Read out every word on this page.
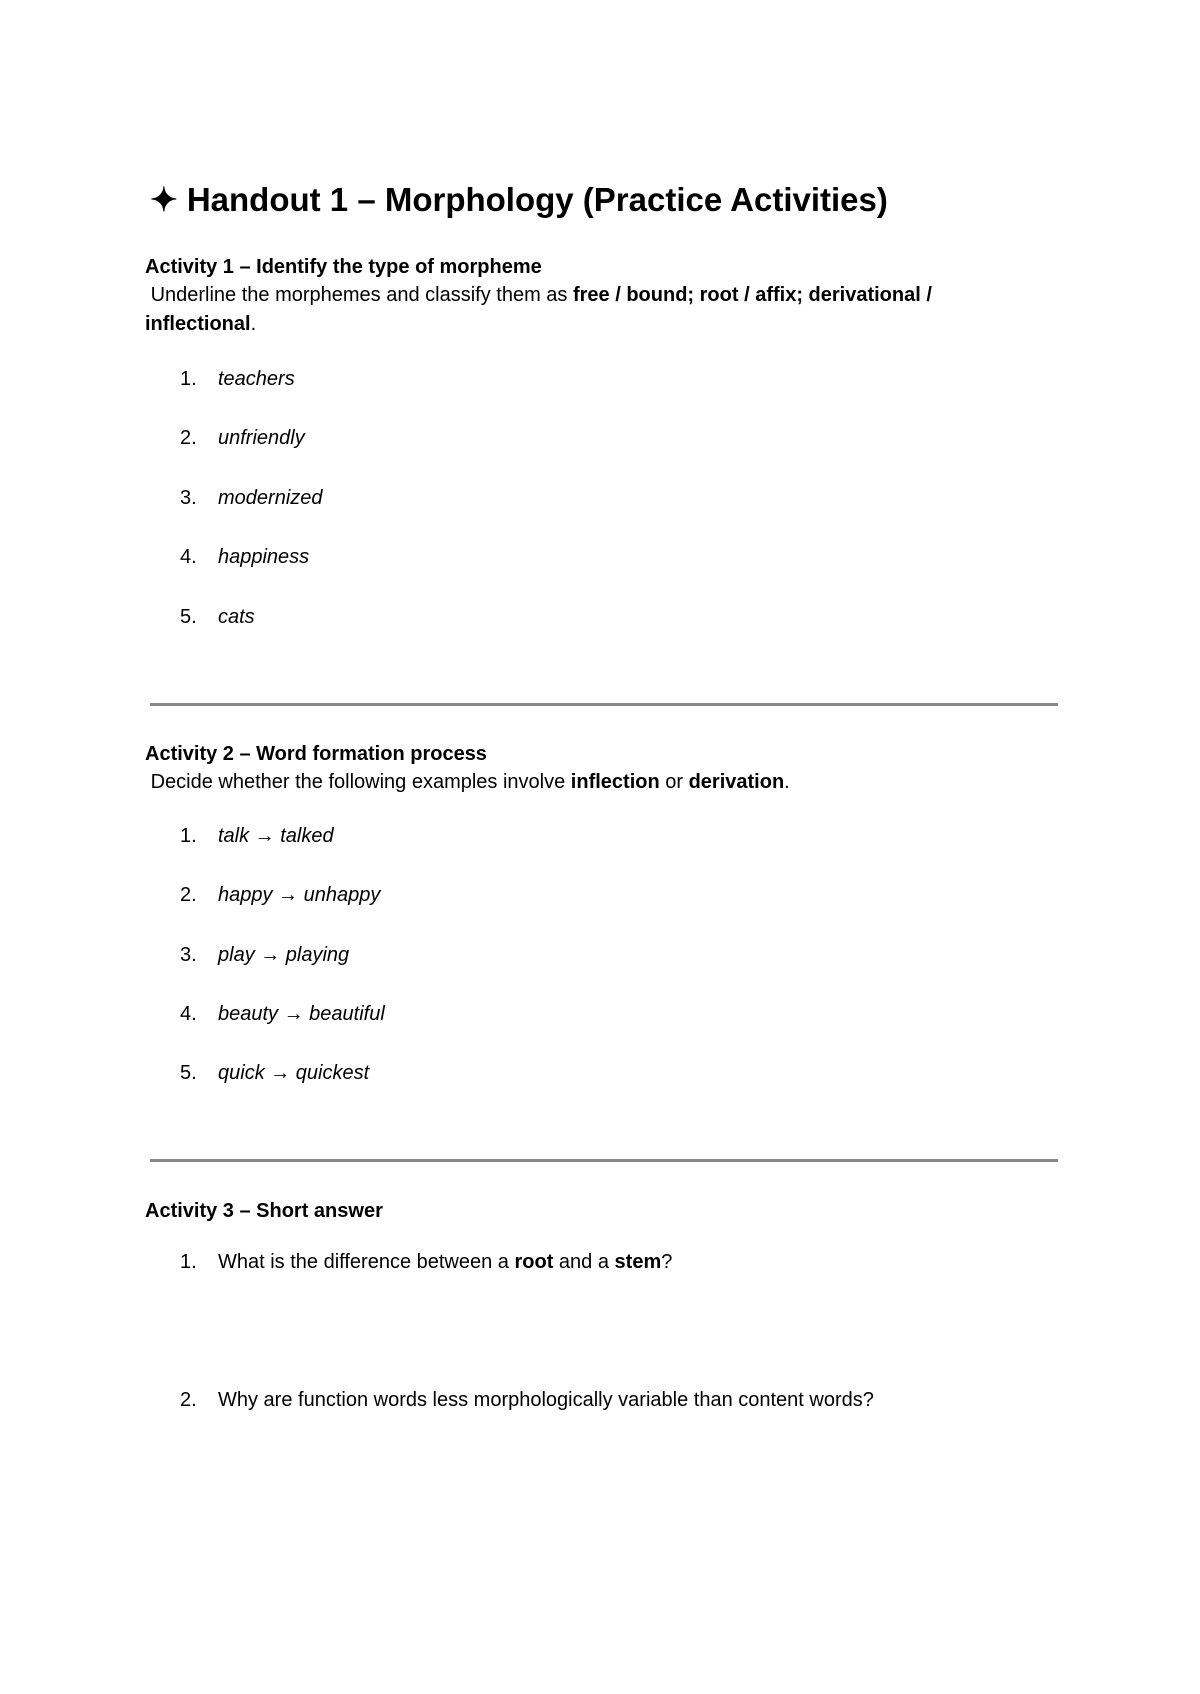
✦ Handout 1 – Morphology (Practice Activities)
Activity 1 – Identify the type of morpheme
Underline the morphemes and classify them as free / bound; root / affix; derivational / inflectional.
1. teachers
2. unfriendly
3. modernized
4. happiness
5. cats
Activity 2 – Word formation process
Decide whether the following examples involve inflection or derivation.
1. talk → talked
2. happy → unhappy
3. play → playing
4. beauty → beautiful
5. quick → quickest
Activity 3 – Short answer
1. What is the difference between a root and a stem?
2. Why are function words less morphologically variable than content words?
